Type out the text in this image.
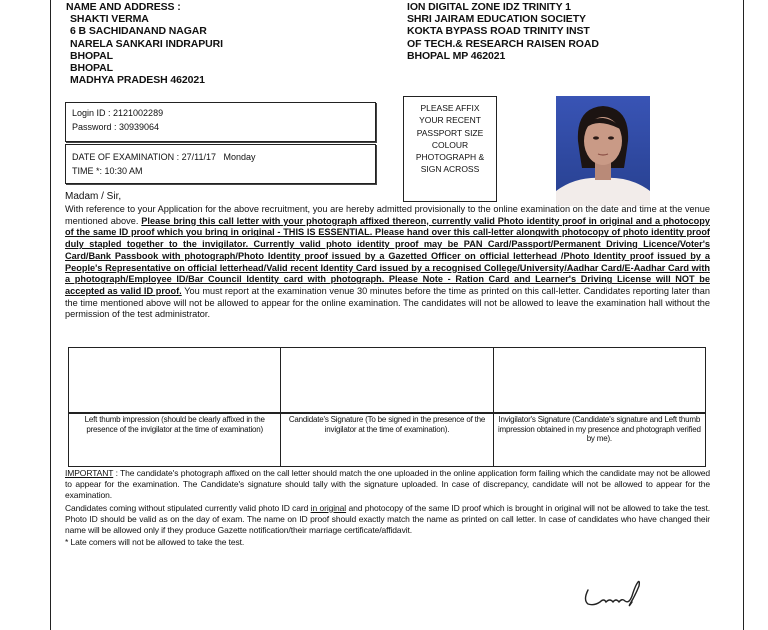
NAME AND ADDRESS :
SHAKTI VERMA
6 B SACHIDANAND NAGAR
NARELA SANKARI INDRAPURI
BHOPAL
BHOPAL
MADHYA PRADESH 462021
ION DIGITAL ZONE IDZ TRINITY 1
SHRI JAIRAM EDUCATION SOCIETY
KOKTA BYPASS ROAD TRINITY INST
OF TECH.& RESEARCH RAISEN ROAD
BHOPAL MP 462021
Login ID : 2121002289
Password : 30939064
DATE OF EXAMINATION : 27/11/17   Monday
TIME *: 10:30 AM
PLEASE AFFIX
YOUR RECENT
PASSPORT SIZE
COLOUR
PHOTOGRAPH &
SIGN ACROSS
Madam / Sir,
With reference to your Application for the above recruitment, you are hereby admitted provisionally to the online examination on the date and time at the venue mentioned above. Please bring this call letter with your photograph affixed thereon, currently valid Photo identity proof in original and a photocopy of the same ID proof which you bring in original - THIS IS ESSENTIAL. Please hand over this call-letter alongwith photocopy of photo identity proof duly stapled together to the invigilator. Currently valid photo identity proof may be PAN Card/Passport/Permanent Driving Licence/Voter's Card/Bank Passbook with photograph/Photo Identity proof issued by a Gazetted Officer on official letterhead /Photo Identity proof issued by a People's Representative on official letterhead/Valid recent Identity Card issued by a recognised College/University/Aadhar Card/E-Aadhar Card with a photograph/Employee ID/Bar Council Identity card with photograph. Please Note - Ration Card and Learner's Driving License will NOT be accepted as valid ID proof. You must report at the examination venue 30 minutes before the time as printed on this call-letter. Candidates reporting later than the time mentioned above will not be allowed to appear for the online examination. The candidates will not be allowed to leave the examination hall without the permission of the test administrator.

Left thumb impression (should be clearly affixed in the presence of the invigilator at the time of examination)	Candidate's Signature (To be signed in the presence of the invigilator at the time of examination).	Invigilator's Signature (Candidate's signature and Left thumb impression obtained in my presence and photograph verified by me).

IMPORTANT : The candidate's photograph affixed on the call letter should match the one uploaded in the online application form failing which the candidate may not be allowed to appear for the examination. The Candidate's signature should tally with the signature uploaded. In case of discrepancy, candidate will not be allowed to appear for the examination.

Candidates coming without stipulated currently valid photo ID card in original and photocopy of the same ID proof which is brought in original will not be allowed to take the test. Photo ID should be valid as on the day of exam. The name on ID proof should exactly match the name as printed on call letter. In case of candidates who have changed their name will be allowed only if they produce Gazette notification/their marriage certificate/affidavit.

* Late comers will not be allowed to take the test.
